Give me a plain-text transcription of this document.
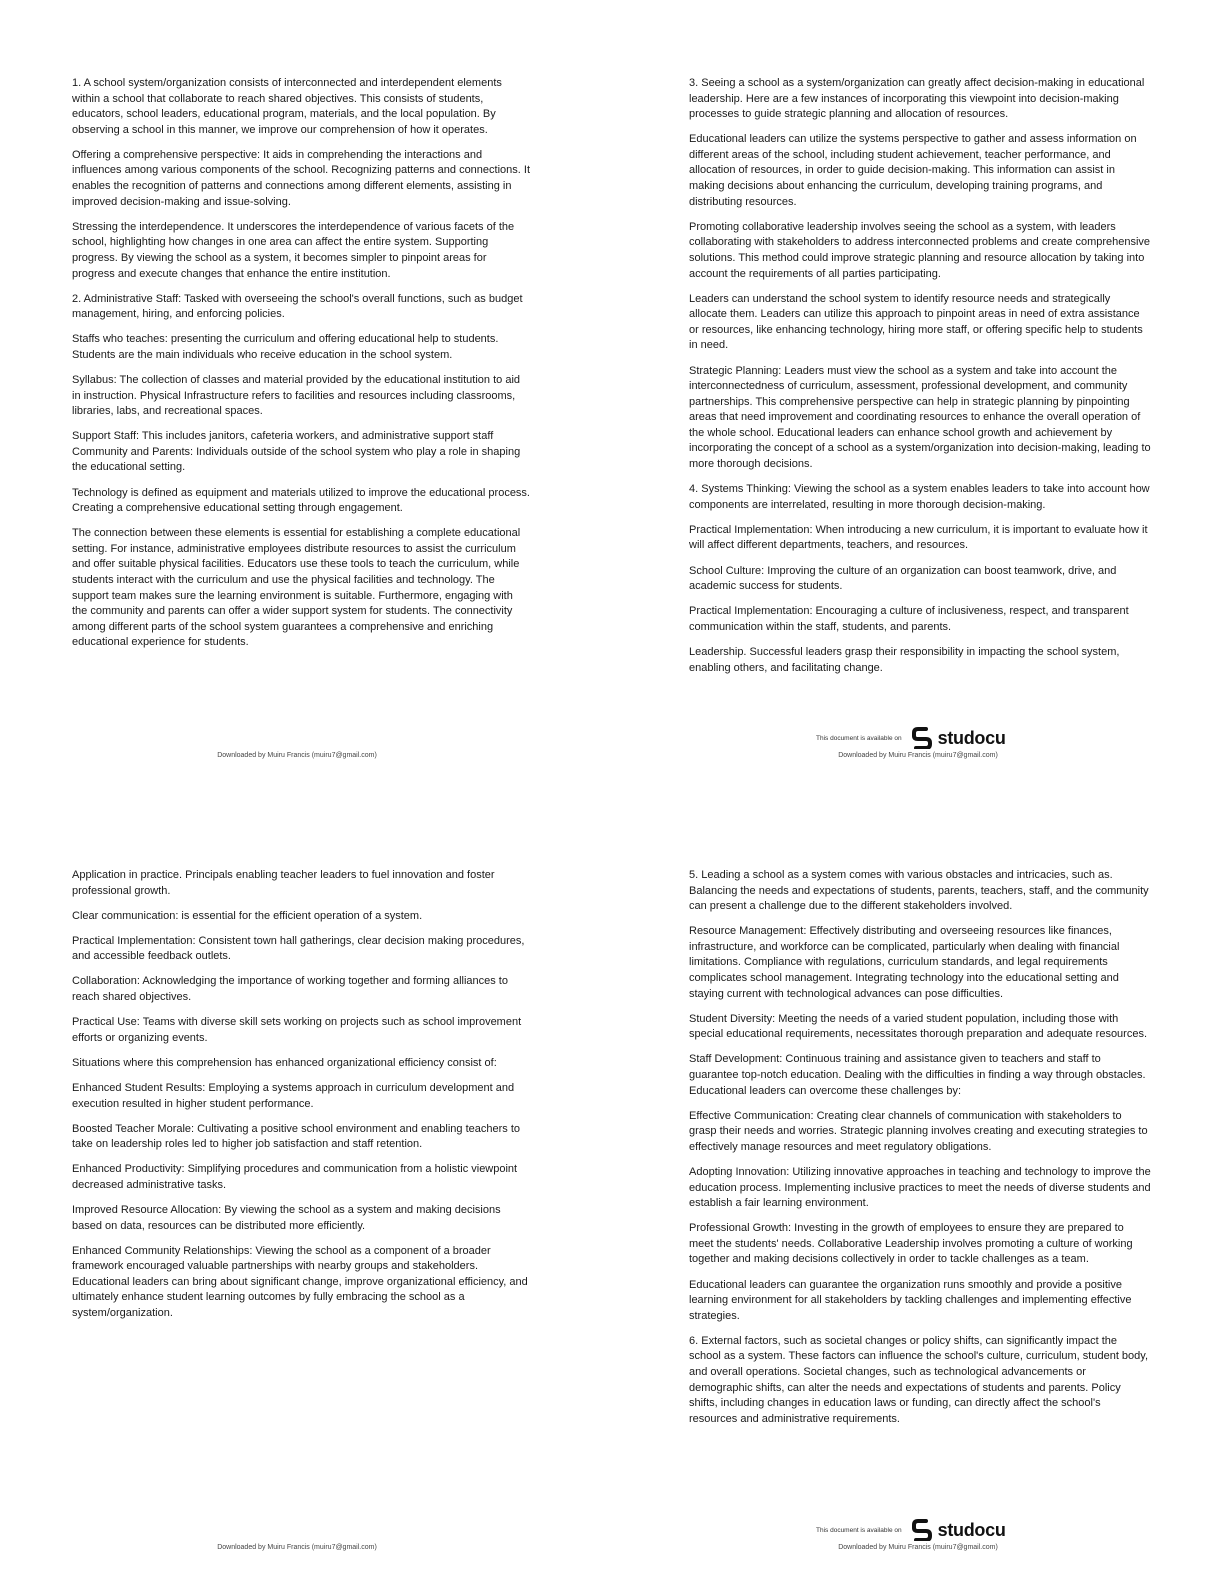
1. A school system/organization consists of interconnected and interdependent elements within a school that collaborate to reach shared objectives. This consists of students, educators, school leaders, educational program, materials, and the local population. By observing a school in this manner, we improve our comprehension of how it operates.

Offering a comprehensive perspective: It aids in comprehending the interactions and influences among various components of the school. Recognizing patterns and connections. It enables the recognition of patterns and connections among different elements, assisting in improved decision-making and issue-solving.

Stressing the interdependence. It underscores the interdependence of various facets of the school, highlighting how changes in one area can affect the entire system. Supporting progress. By viewing the school as a system, it becomes simpler to pinpoint areas for progress and execute changes that enhance the entire institution.

2. Administrative Staff: Tasked with overseeing the school's overall functions, such as budget management, hiring, and enforcing policies.

Staffs who teaches: presenting the curriculum and offering educational help to students. Students are the main individuals who receive education in the school system.

Syllabus: The collection of classes and material provided by the educational institution to aid in instruction. Physical Infrastructure refers to facilities and resources including classrooms, libraries, labs, and recreational spaces.

Support Staff: This includes janitors, cafeteria workers, and administrative support staff Community and Parents: Individuals outside of the school system who play a role in shaping the educational setting.

Technology is defined as equipment and materials utilized to improve the educational process. Creating a comprehensive educational setting through engagement.

The connection between these elements is essential for establishing a complete educational setting. For instance, administrative employees distribute resources to assist the curriculum and offer suitable physical facilities. Educators use these tools to teach the curriculum, while students interact with the curriculum and use the physical facilities and technology. The support team makes sure the learning environment is suitable. Furthermore, engaging with the community and parents can offer a wider support system for students. The connectivity among different parts of the school system guarantees a comprehensive and enriching educational experience for students.

Downloaded by Muiru Francis (muiru7@gmail.com)

3. Seeing a school as a system/organization can greatly affect decision-making in educational leadership. Here are a few instances of incorporating this viewpoint into decision-making processes to guide strategic planning and allocation of resources.

Educational leaders can utilize the systems perspective to gather and assess information on different areas of the school, including student achievement, teacher performance, and allocation of resources, in order to guide decision-making. This information can assist in making decisions about enhancing the curriculum, developing training programs, and distributing resources.

Promoting collaborative leadership involves seeing the school as a system, with leaders collaborating with stakeholders to address interconnected problems and create comprehensive solutions. This method could improve strategic planning and resource allocation by taking into account the requirements of all parties participating.

Leaders can understand the school system to identify resource needs and strategically allocate them. Leaders can utilize this approach to pinpoint areas in need of extra assistance or resources, like enhancing technology, hiring more staff, or offering specific help to students in need.

Strategic Planning: Leaders must view the school as a system and take into account the interconnectedness of curriculum, assessment, professional development, and community partnerships. This comprehensive perspective can help in strategic planning by pinpointing areas that need improvement and coordinating resources to enhance the overall operation of the whole school. Educational leaders can enhance school growth and achievement by incorporating the concept of a school as a system/organization into decision-making, leading to more thorough decisions.

4. Systems Thinking: Viewing the school as a system enables leaders to take into account how components are interrelated, resulting in more thorough decision-making.

Practical Implementation: When introducing a new curriculum, it is important to evaluate how it will affect different departments, teachers, and resources.

School Culture: Improving the culture of an organization can boost teamwork, drive, and academic success for students.

Practical Implementation: Encouraging a culture of inclusiveness, respect, and transparent communication within the staff, students, and parents.

Leadership. Successful leaders grasp their responsibility in impacting the school system, enabling others, and facilitating change.

This document is available on studocu
Downloaded by Muiru Francis (muiru7@gmail.com)

Application in practice. Principals enabling teacher leaders to fuel innovation and foster professional growth.

Clear communication: is essential for the efficient operation of a system.

Practical Implementation: Consistent town hall gatherings, clear decision making procedures, and accessible feedback outlets.

Collaboration: Acknowledging the importance of working together and forming alliances to reach shared objectives.

Practical Use: Teams with diverse skill sets working on projects such as school improvement efforts or organizing events.

Situations where this comprehension has enhanced organizational efficiency consist of:

Enhanced Student Results: Employing a systems approach in curriculum development and execution resulted in higher student performance.

Boosted Teacher Morale: Cultivating a positive school environment and enabling teachers to take on leadership roles led to higher job satisfaction and staff retention.

Enhanced Productivity: Simplifying procedures and communication from a holistic viewpoint decreased administrative tasks.

Improved Resource Allocation: By viewing the school as a system and making decisions based on data, resources can be distributed more efficiently.

Enhanced Community Relationships: Viewing the school as a component of a broader framework encouraged valuable partnerships with nearby groups and stakeholders. Educational leaders can bring about significant change, improve organizational efficiency, and ultimately enhance student learning outcomes by fully embracing the school as a system/organization.

Downloaded by Muiru Francis (muiru7@gmail.com)

5. Leading a school as a system comes with various obstacles and intricacies, such as. Balancing the needs and expectations of students, parents, teachers, staff, and the community can present a challenge due to the different stakeholders involved.

Resource Management: Effectively distributing and overseeing resources like finances, infrastructure, and workforce can be complicated, particularly when dealing with financial limitations. Compliance with regulations, curriculum standards, and legal requirements complicates school management. Integrating technology into the educational setting and staying current with technological advances can pose difficulties.

Student Diversity: Meeting the needs of a varied student population, including those with special educational requirements, necessitates thorough preparation and adequate resources.

Staff Development: Continuous training and assistance given to teachers and staff to guarantee top-notch education. Dealing with the difficulties in finding a way through obstacles. Educational leaders can overcome these challenges by:

Effective Communication: Creating clear channels of communication with stakeholders to grasp their needs and worries. Strategic planning involves creating and executing strategies to effectively manage resources and meet regulatory obligations.

Adopting Innovation: Utilizing innovative approaches in teaching and technology to improve the education process. Implementing inclusive practices to meet the needs of diverse students and establish a fair learning environment.

Professional Growth: Investing in the growth of employees to ensure they are prepared to meet the students' needs. Collaborative Leadership involves promoting a culture of working together and making decisions collectively in order to tackle challenges as a team.

Educational leaders can guarantee the organization runs smoothly and provide a positive learning environment for all stakeholders by tackling challenges and implementing effective strategies.

6. External factors, such as societal changes or policy shifts, can significantly impact the school as a system. These factors can influence the school's culture, curriculum, student body, and overall operations. Societal changes, such as technological advancements or demographic shifts, can alter the needs and expectations of students and parents. Policy shifts, including changes in education laws or funding, can directly affect the school's resources and administrative requirements.

This document is available on studocu
Downloaded by Muiru Francis (muiru7@gmail.com)
